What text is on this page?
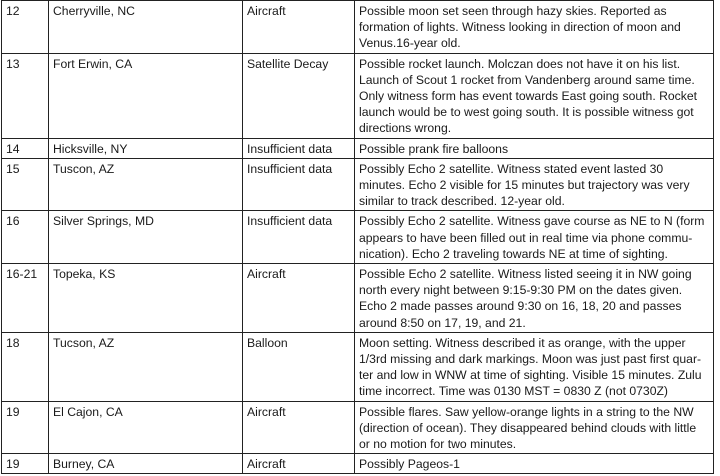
12	Cherryville, NC	Aircraft	Possible moon set seen through hazy skies. Reported as
formation of lights. Witness looking in direction of moon and
Venus.16-year old.

13	Fort Erwin, CA	Satellite Decay	Possible rocket launch. Molczan does not have it on his list.
Launch of Scout 1 rocket from Vandenberg around same time.
Only witness form has event towards East going south. Rocket
launch would be to west going south. It is possible witness got
directions wrong.

14	Hicksville, NY	Insufficient data	Possible prank fire balloons

15	Tuscon, AZ	Insufficient data	Possibly Echo 2 satellite. Witness stated event lasted 30
minutes. Echo 2 visible for 15 minutes but trajectory was very
similar to track described. 12-year old.

16	Silver Springs, MD	Insufficient data	Possibly Echo 2 satellite. Witness gave course as NE to N (form
appears to have been filled out in real time via phone commu-
nication). Echo 2 traveling towards NE at time of sighting.

16-21	Topeka, KS	Aircraft	Possible Echo 2 satellite. Witness listed seeing it in NW going
north every night between 9:15-9:30 PM on the dates given.
Echo 2 made passes around 9:30 on 16, 18, 20 and passes
around 8:50 on 17, 19, and 21.

18	Tucson, AZ	Balloon	Moon setting. Witness described it as orange, with the upper
1/3rd missing and dark markings. Moon was just past first quar-
ter and low in WNW at time of sighting. Visible 15 minutes. Zulu
time incorrect. Time was 0130 MST = 0830 Z (not 0730Z)

19	El Cajon, CA	Aircraft	Possible flares. Saw yellow-orange lights in a string to the NW
(direction of ocean). They disappeared behind clouds with little
or no motion for two minutes.

19	Burney, CA	Aircraft	Possibly Pageos-1
